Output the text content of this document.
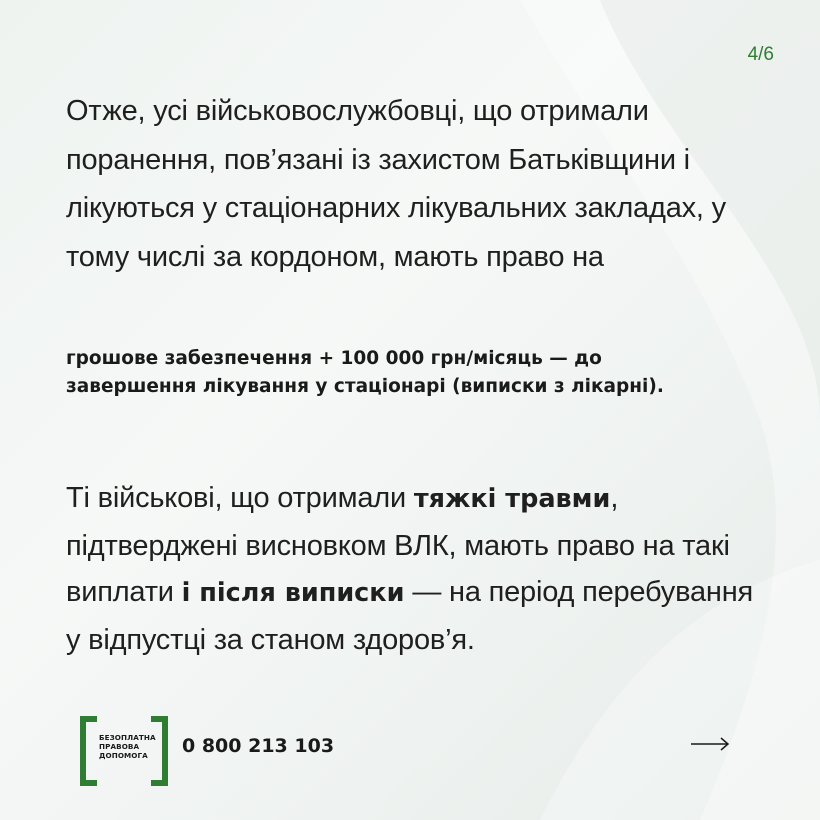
4/6

Отже, усі військовослужбовці, що отримали поранення, пов’язані із захистом Батьківщини і лікуються у стаціонарних лікувальних закладах, у тому числі за кордоном, мають право на

грошове забезпечення + 100 000 грн/місяць — до завершення лікування у стаціонарі (виписки з лікарні).

Ті військові, що отримали тяжкі травми, підтверджені висновком ВЛК, мають право на такі виплати і після виписки — на період перебування у відпустці за станом здоров’я.

БЕЗОПЛАТНА
ПРАВОВА
ДОПОМОГА	0 800 213 103
